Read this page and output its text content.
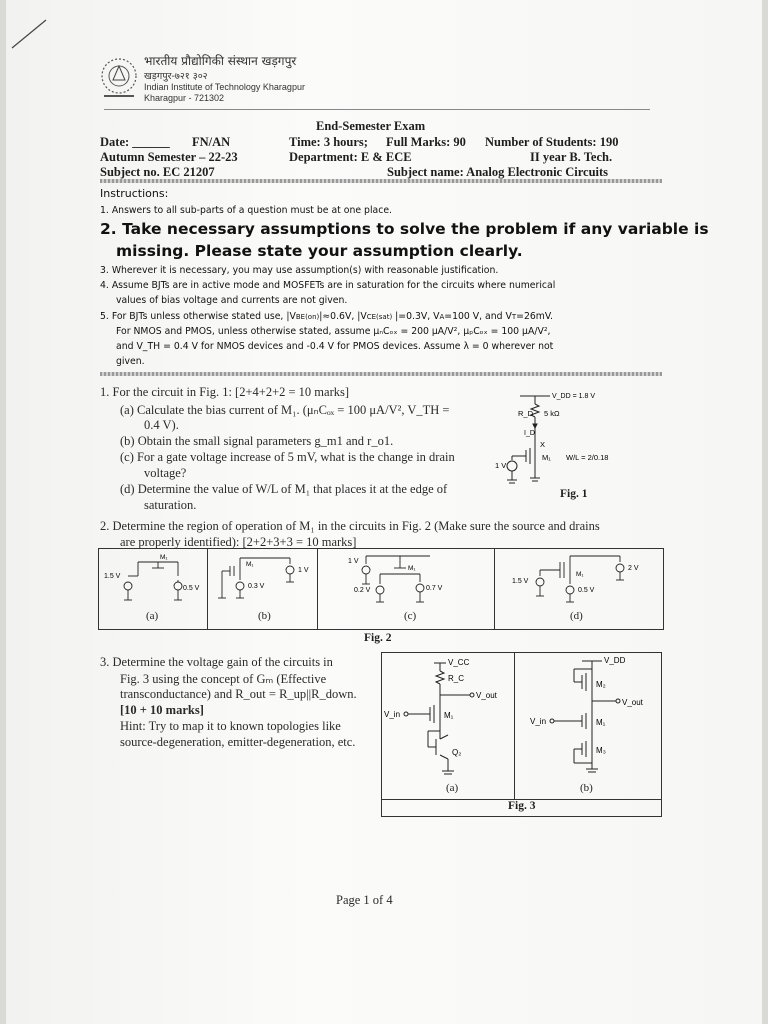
भारतीय प्रौद्योगिकी संस्थान खड़गपुर
खड़गपुर-७२१ ३०२
Indian Institute of Technology Kharagpur
Kharagpur - 721302
End-Semester Exam
Date: ______ FN/AN	Time: 3 hours; Full Marks: 90 Number of Students: 190
Autumn Semester – 22-23	Department: E & ECE	II year B. Tech.
Subject no. EC 21207	Subject name: Analog Electronic Circuits
Instructions:
1. Answers to all sub-parts of a question must be at one place.
2. Take necessary assumptions to solve the problem if any variable is
missing. Please state your assumption clearly.
3. Wherever it is necessary, you may use assumption(s) with reasonable justification.
4. Assume BJTs are in active mode and MOSFETs are in saturation for the circuits where numerical
values of bias voltage and currents are not given.
5. For BJTs unless otherwise stated use, |VBE(on)|≈0.6V, |VCE(sat) |=0.3V, VA=100 V, and VT=26mV.
For NMOS and PMOS, unless otherwise stated, assume μₙCₒₓ = 200 μA/V², μₚCₒₓ = 100 μA/V²,
and V_TH = 0.4 V for NMOS devices and -0.4 V for PMOS devices. Assume λ = 0 wherever not
given.
1. For the circuit in Fig. 1: [2+4+2+2 = 10 marks]
(a) Calculate the bias current of M₁. (μₙCₒₓ = 100 μA/V², V_TH =
0.4 V).
(b) Obtain the small signal parameters g_m1 and r_o1.
(c) For a gate voltage increase of 5 mV, what is the change in drain
voltage?
(d) Determine the value of W/L of M₁ that places it at the edge of
saturation.
V_DD = 1.8 V
R_D 5 kΩ
I_D
X
1 V
M₁ W/L = 2/0.18
Fig. 1
2. Determine the region of operation of M₁ in the circuits in Fig. 2 (Make sure the source and drains
are properly identified): [2+2+3+3 = 10 marks]
M₁
1.5 V
0.5 V
(a)
M₁
0.3 V
1 V
(b)
1 V
M₁
0.2 V	0.7 V
(c)
1.5 V
M₁
0.5 V
2 V
(d)
Fig. 2
3. Determine the voltage gain of the circuits in
Fig. 3 using the concept of Gₘ (Effective
transconductance) and R_out = R_up||R_down.
[10 + 10 marks]
Hint: Try to map it to known topologies like
source-degeneration, emitter-degeneration, etc.
V_CC
R_C
V_out
V_in	M₁
Q₂
(a)
V_DD
M₂
V_out
V_in	M₁
M₃
(b)
Fig. 3
Page 1 of 4
